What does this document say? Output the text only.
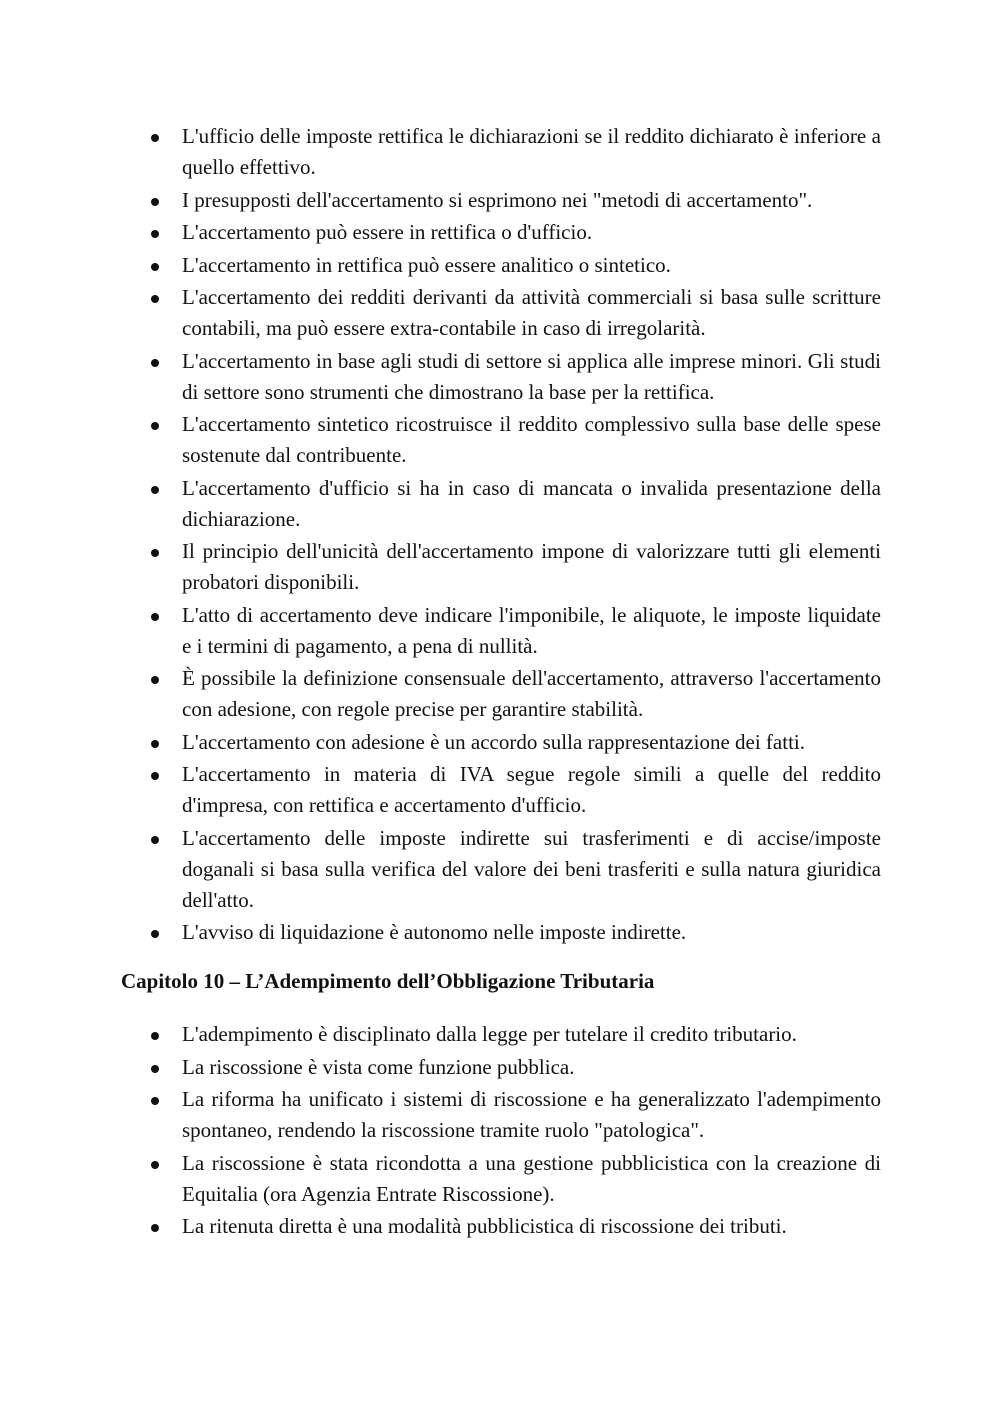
L'ufficio delle imposte rettifica le dichiarazioni se il reddito dichiarato è inferiore a quello effettivo.
I presupposti dell'accertamento si esprimono nei "metodi di accertamento".
L'accertamento può essere in rettifica o d'ufficio.
L'accertamento in rettifica può essere analitico o sintetico.
L'accertamento dei redditi derivanti da attività commerciali si basa sulle scritture contabili, ma può essere extra-contabile in caso di irregolarità.
L'accertamento in base agli studi di settore si applica alle imprese minori. Gli studi di settore sono strumenti che dimostrano la base per la rettifica.
L'accertamento sintetico ricostruisce il reddito complessivo sulla base delle spese sostenute dal contribuente.
L'accertamento d'ufficio si ha in caso di mancata o invalida presentazione della dichiarazione.
Il principio dell'unicità dell'accertamento impone di valorizzare tutti gli elementi probatori disponibili.
L'atto di accertamento deve indicare l'imponibile, le aliquote, le imposte liquidate e i termini di pagamento, a pena di nullità.
È possibile la definizione consensuale dell'accertamento, attraverso l'accertamento con adesione, con regole precise per garantire stabilità.
L'accertamento con adesione è un accordo sulla rappresentazione dei fatti.
L'accertamento in materia di IVA segue regole simili a quelle del reddito d'impresa, con rettifica e accertamento d'ufficio.
L'accertamento delle imposte indirette sui trasferimenti e di accise/imposte doganali si basa sulla verifica del valore dei beni trasferiti e sulla natura giuridica dell'atto.
L'avviso di liquidazione è autonomo nelle imposte indirette.
Capitolo 10 – L’Adempimento dell’Obbligazione Tributaria
L'adempimento è disciplinato dalla legge per tutelare il credito tributario.
La riscossione è vista come funzione pubblica.
La riforma ha unificato i sistemi di riscossione e ha generalizzato l'adempimento spontaneo, rendendo la riscossione tramite ruolo "patologica".
La riscossione è stata ricondotta a una gestione pubblicistica con la creazione di Equitalia (ora Agenzia Entrate Riscossione).
La ritenuta diretta è una modalità pubblicistica di riscossione dei tributi.
